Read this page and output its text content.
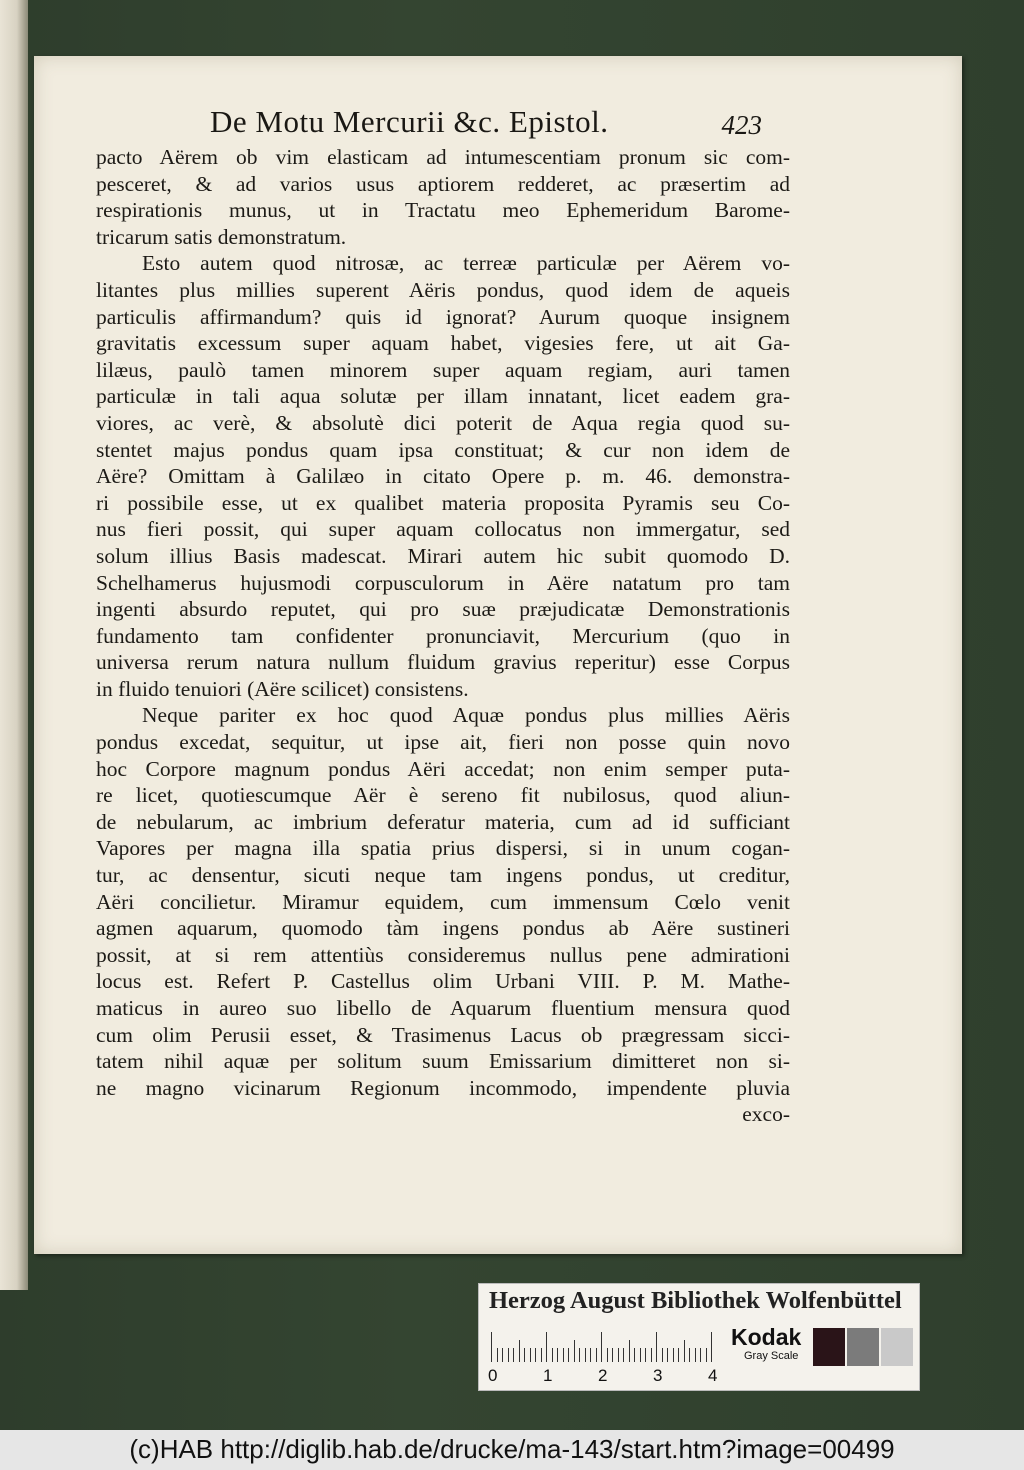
De Motu Mercurii &c. Epistol.	423
pacto Aërem ob vim elasticam ad intumescentiam pronum sic com-
pesceret, & ad varios usus aptiorem redderet, ac præsertim ad
respirationis munus, ut in Tractatu meo Ephemeridum Barome-
tricarum satis demonstratum.
Esto autem quod nitrosæ, ac terreæ particulæ per Aërem vo-
litantes plus millies superent Aëris pondus, quod idem de aqueis
particulis affirmandum? quis id ignorat? Aurum quoque insignem
gravitatis excessum super aquam habet, vigesies fere, ut ait Ga-
lilæus, paulò tamen minorem super aquam regiam, auri tamen
particulæ in tali aqua solutæ per illam innatant, licet eadem gra-
viores, ac verè, & absolutè dici poterit de Aqua regia quod su-
stentet majus pondus quam ipsa constituat; & cur non idem de
Aëre? Omittam à Galilæo in citato Opere p. m. 46. demonstra-
ri possibile esse, ut ex qualibet materia proposita Pyramis seu Co-
nus fieri possit, qui super aquam collocatus non immergatur, sed
solum illius Basis madescat. Mirari autem hic subit quomodo D.
Schelhamerus hujusmodi corpusculorum in Aëre natatum pro tam
ingenti absurdo reputet, qui pro suæ præjudicatæ Demonstrationis
fundamento tam confidenter pronunciavit, Mercurium (quo in
universa rerum natura nullum fluidum gravius reperitur) esse Corpus
in fluido tenuiori (Aëre scilicet) consistens.
Neque pariter ex hoc quod Aquæ pondus plus millies Aëris
pondus excedat, sequitur, ut ipse ait, fieri non posse quin novo
hoc Corpore magnum pondus Aëri accedat; non enim semper puta-
re licet, quotiescumque Aër è sereno fit nubilosus, quod aliun-
de nebularum, ac imbrium deferatur materia, cum ad id sufficiant
Vapores per magna illa spatia prius dispersi, si in unum cogan-
tur, ac densentur, sicuti neque tam ingens pondus, ut creditur,
Aëri concilietur. Miramur equidem, cum immensum Cœlo venit
agmen aquarum, quomodo tàm ingens pondus ab Aëre sustineri
possit, at si rem attentiùs consideremus nullus pene admirationi
locus est. Refert P. Castellus olim Urbani VIII. P. M. Mathe-
maticus in aureo suo libello de Aquarum fluentium mensura quod
cum olim Perusii esset, & Trasimenus Lacus ob prægressam sicci-
tatem nihil aquæ per solitum suum Emissarium dimitteret non si-
ne magno vicinarum Regionum incommodo, impendente pluvia
exco-
Herzog August Bibliothek Wolfenbüttel
Kodak
Gray Scale
0	1	2	3	4
(c)HAB http://diglib.hab.de/drucke/ma-143/start.htm?image=00499
